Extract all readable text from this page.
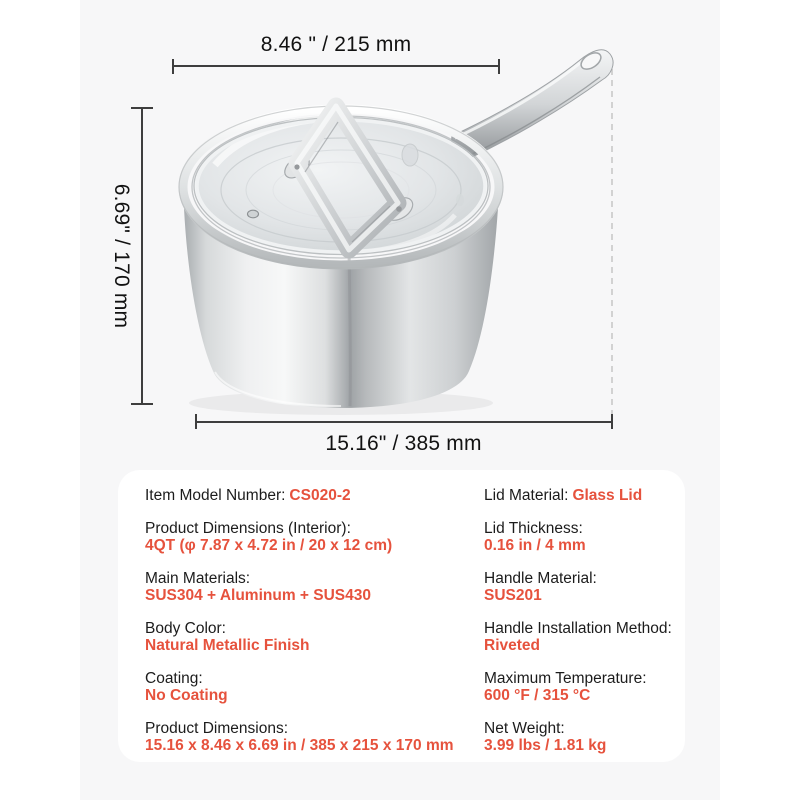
8.46 " / 215 mm
6.69" / 170 mm
15.16" / 385 mm
Item Model Number: CS020-2
Product Dimensions (Interior):
4QT (φ 7.87 x 4.72 in / 20 x 12 cm)
Main Materials:
SUS304 + Aluminum + SUS430
Body Color:
Natural Metallic Finish
Coating:
No Coating
Product Dimensions:
15.16 x 8.46 x 6.69 in / 385 x 215 x 170 mm
Lid Material: Glass Lid
Lid Thickness:
0.16 in / 4 mm
Handle Material:
SUS201
Handle Installation Method:
Riveted
Maximum Temperature:
600 °F / 315 °C
Net Weight:
3.99 lbs / 1.81 kg
